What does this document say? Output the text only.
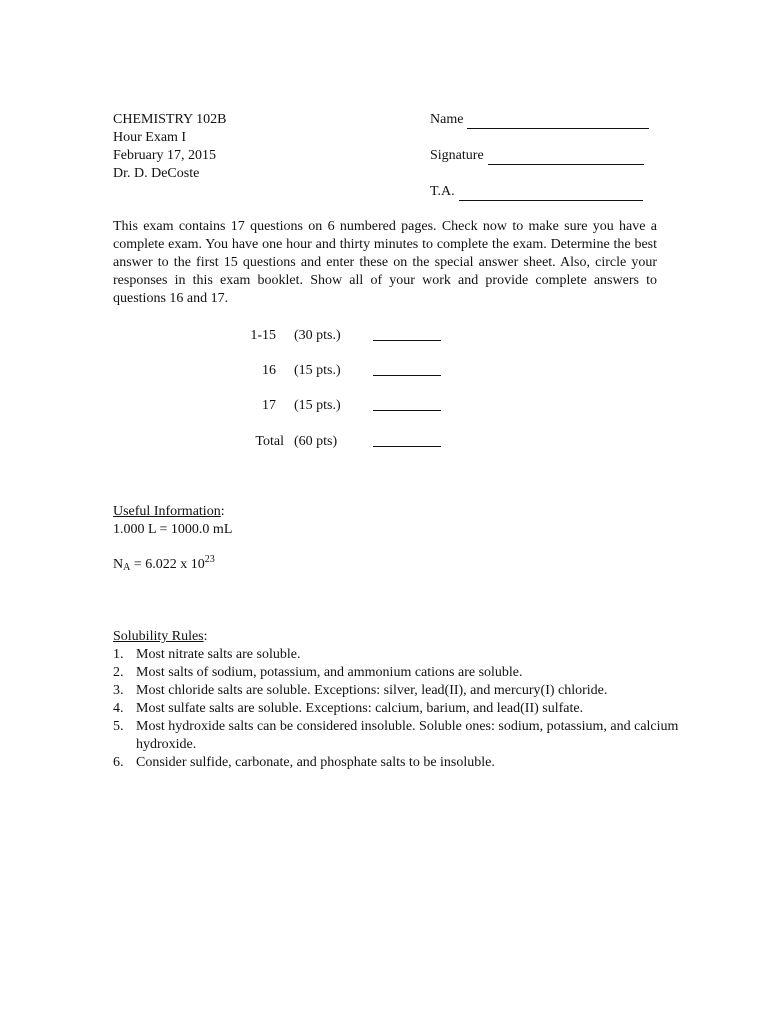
CHEMISTRY 102B
Hour Exam I
February 17, 2015
Dr. D. DeCoste
Name
Signature
T.A.
This exam contains 17 questions on 6 numbered pages. Check now to make sure you have a complete exam. You have one hour and thirty minutes to complete the exam. Determine the best answer to the first 15 questions and enter these on the special answer sheet. Also, circle your responses in this exam booklet. Show all of your work and provide complete answers to questions 16 and 17.
1-15 (30 pts.)
16 (15 pts.)
17 (15 pts.)
Total (60 pts)
Useful Information:
1.000 L = 1000.0 mL
$N_A = 6.022$ x $10^{23}$
Solubility Rules:
1. Most nitrate salts are soluble.
2. Most salts of sodium, potassium, and ammonium cations are soluble.
3. Most chloride salts are soluble. Exceptions: silver, lead(II), and mercury(I) chloride.
4. Most sulfate salts are soluble. Exceptions: calcium, barium, and lead(II) sulfate.
5. Most hydroxide salts can be considered insoluble. Soluble ones: sodium, potassium, and calcium hydroxide.
6. Consider sulfide, carbonate, and phosphate salts to be insoluble.
